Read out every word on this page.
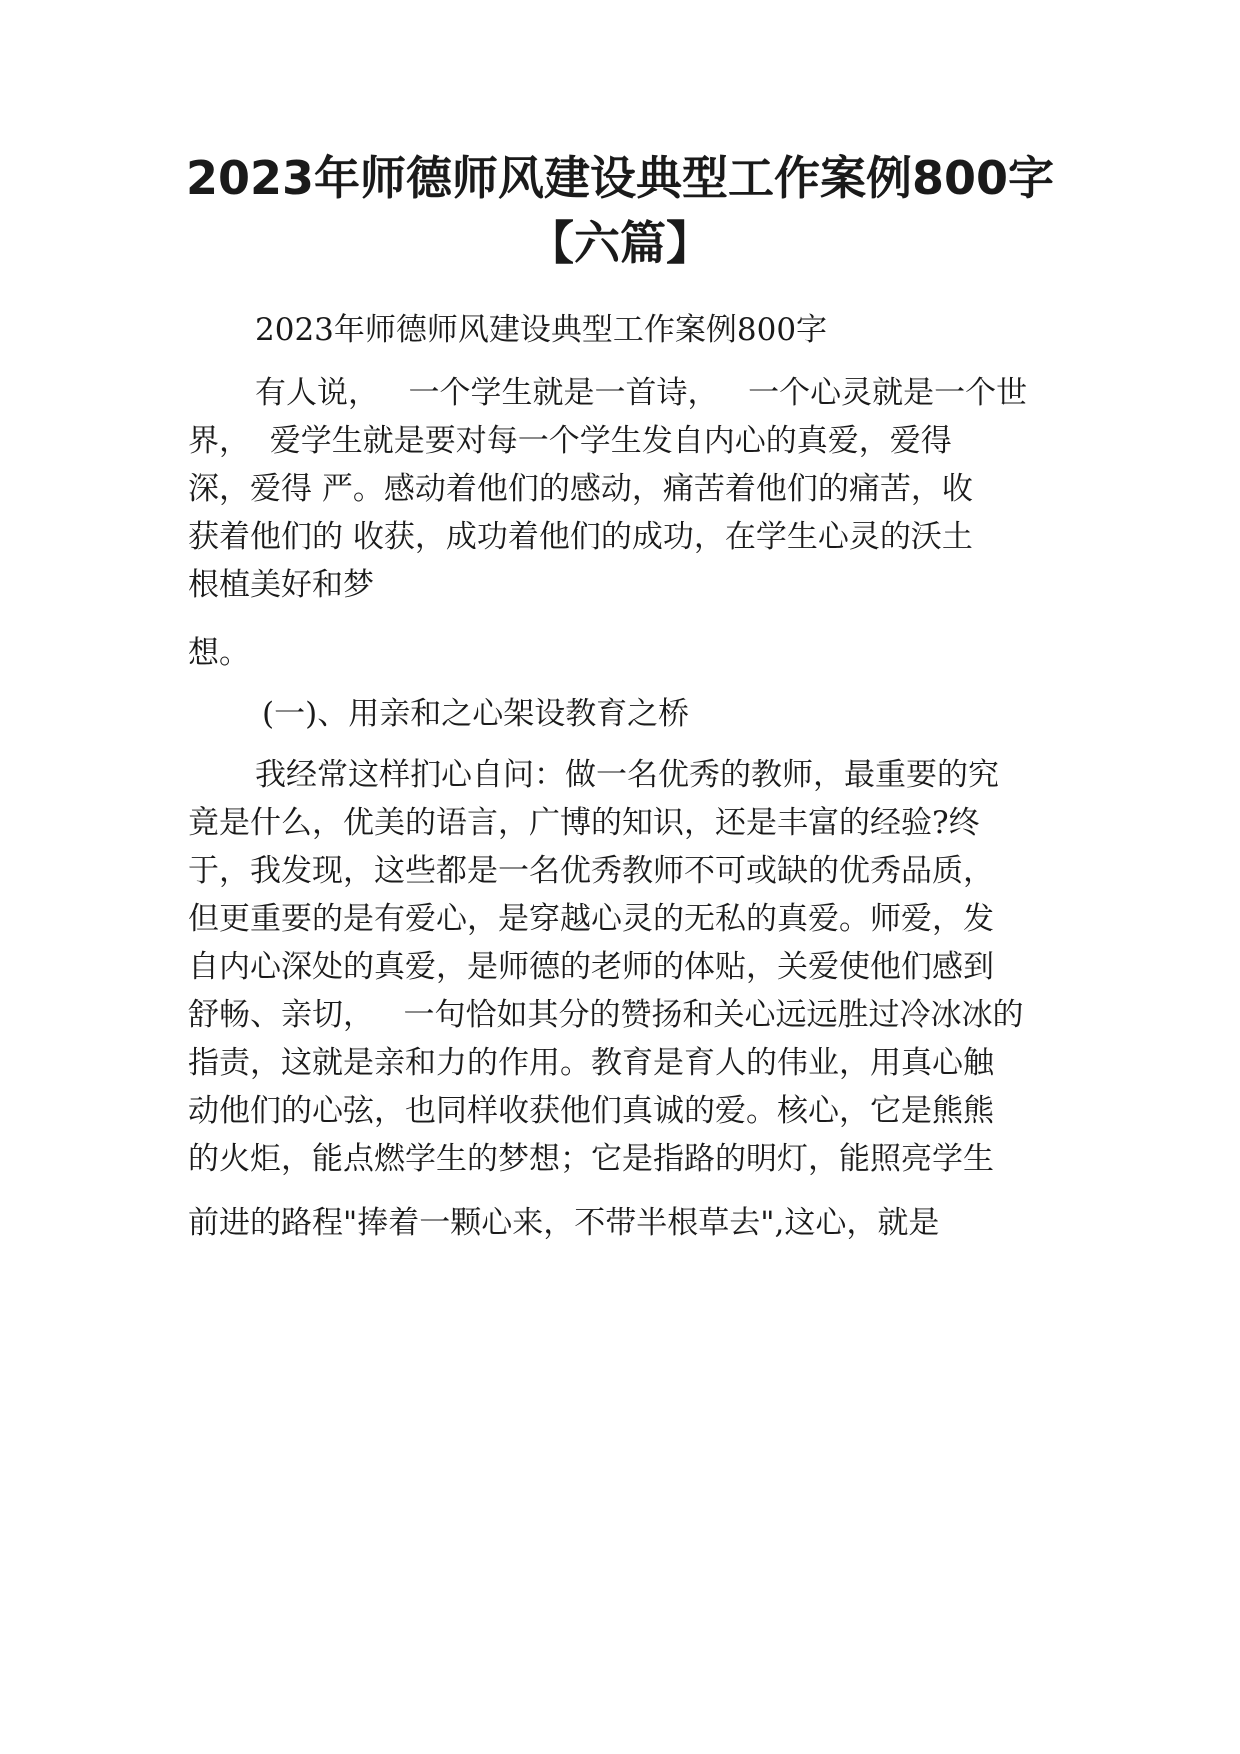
2023年师德师风建设典型工作案例800字
【六篇】

2023年师德师风建设典型工作案例800字

有人说，   一个学生就是一首诗，   一个心灵就是一个世

界，  爱学生就是要对每一个学生发自内心的真爱，爱得

深，爱得 严。感动着他们的感动，痛苦着他们的痛苦，收

获着他们的 收获，成功着他们的成功，在学生心灵的沃土

根植美好和梦

想。

(一)、用亲和之心架设教育之桥

我经常这样扪心自问：做一名优秀的教师，最重要的究

竟是什么，优美的语言，广博的知识，还是丰富的经验?终

于，我发现，这些都是一名优秀教师不可或缺的优秀品质，

但更重要的是有爱心，是穿越心灵的无私的真爱。师爱，发

自内心深处的真爱，是师德的老师的体贴，关爱使他们感到

舒畅、亲切，   一句恰如其分的赞扬和关心远远胜过冷冰冰的

指责，这就是亲和力的作用。教育是育人的伟业，用真心触

动他们的心弦，也同样收获他们真诚的爱。核心，它是熊熊

的火炬，能点燃学生的梦想；它是指路的明灯，能照亮学生

前进的路程"捧着一颗心来，不带半根草去",这心，就是
